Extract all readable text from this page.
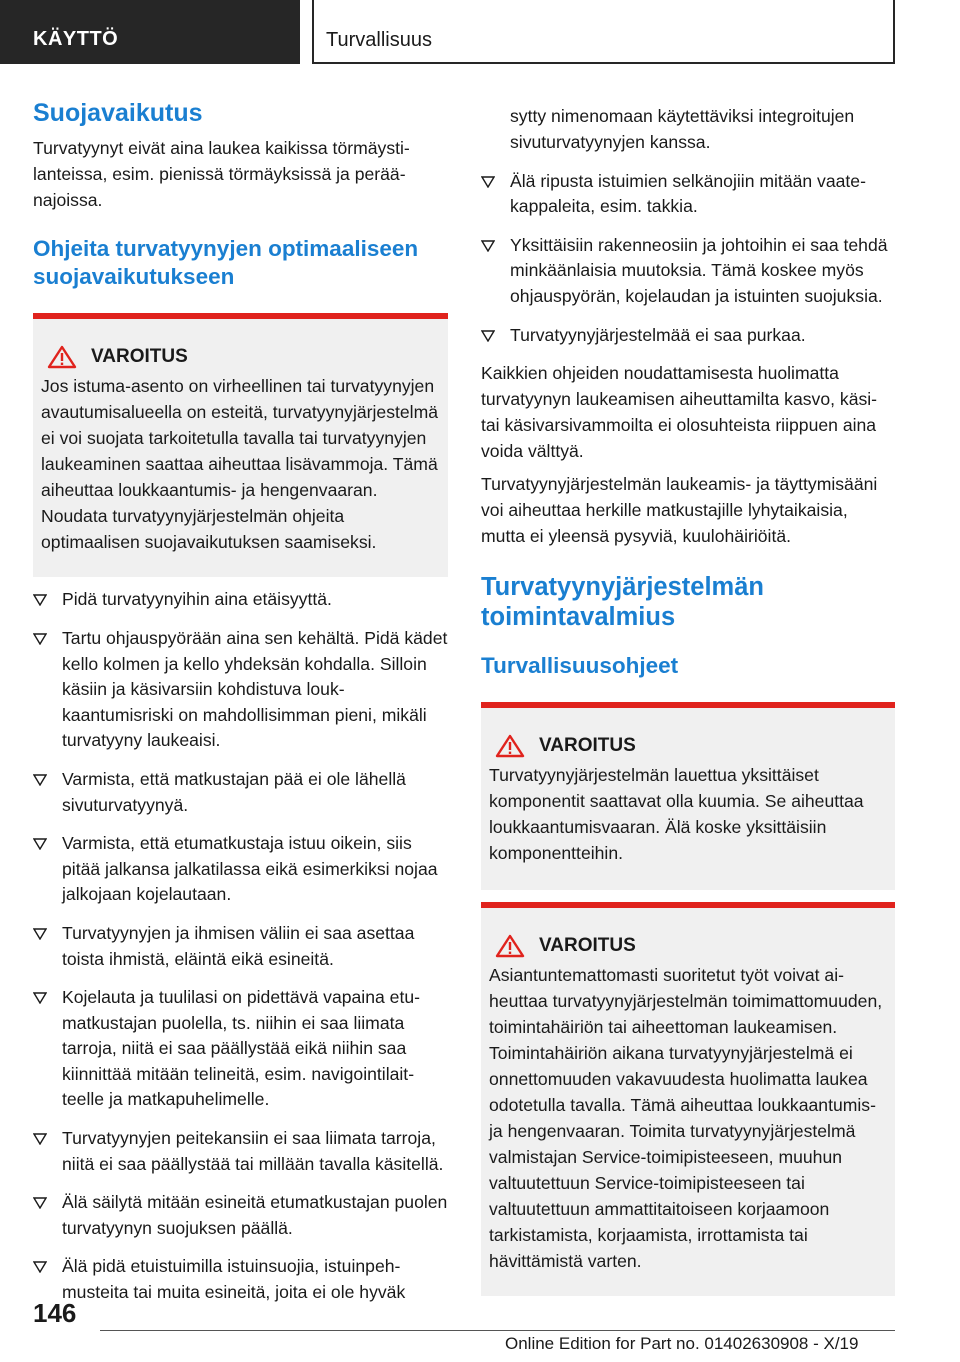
KÄYTTÖ	Turvallisuus
Suojavaikutus

Turvatyynyt eivät aina laukea kaikissa törmäystilanteissa, esim. pienissä törmäyksissä ja peräänajoissa.

Ohjeita turvatyynyjen optimaaliseen suojavaikutukseen
VAROITUS

Jos istuma-asento on virheellinen tai turvatyynyjen avautumisalueella on esteitä, turvatyynyjärjestelmä ei voi suojata tarkoitetulla tavalla tai turvatyynyjen laukeaminen saattaa aiheuttaa lisävammoja. Tämä aiheuttaa loukkaantumis- ja hengenvaaran. Noudata turvatyynyjärjestelmän ohjeita optimaalisen suojavaikutuksen saamiseksi.

Pidä turvatyynyihin aina etäisyyttä.
Tartu ohjauspyörään aina sen kehältä. Pidä kädet kello kolmen ja kello yhdeksän kohdalla. Silloin käsiin ja käsivarsiin kohdistuva loukkaantumisriski on mahdollisimman pieni, mikäli turvatyyny laukeaisi.
Varmista, että matkustajan pää ei ole lähellä sivuturvatyynyä.
Varmista, että etumatkustaja istuu oikein, siis pitää jalkansa jalkatilassa eikä esimerkiksi nojaa jalkojaan kojelautaan.
Turvatyynyjen ja ihmisen väliin ei saa asettaa toista ihmistä, eläintä eikä esineitä.
Kojelauta ja tuulilasi on pidettävä vapaina etumatkustajan puolella, ts. niihin ei saa liimata tarroja, niitä ei saa päällystää eikä niihin saa kiinnittää mitään telineitä, esim. navigointilaitteelle ja matkapuhelimelle.
Turvatyynyjen peitekansiin ei saa liimata tarroja, niitä ei saa päällystää tai millään tavalla käsitellä.
Älä säilytä mitään esineitä etumatkustajan puolen turvatyynyn suojuksen päällä.
Älä pidä etuistuimilla istuinsuojia, istuinpehmusteita tai muita esineitä, joita ei ole hyväk

sytty nimenomaan käytettäviksi integroitujen sivuturvatyynyjen kanssa.

Älä ripusta istuimien selkänojiin mitään vaatekappaleita, esim. takkia.
Yksittäisiin rakenneosiin ja johtoihin ei saa tehdä minkäänlaisia muutoksia. Tämä koskee myös ohjauspyörän, kojelaudan ja istuinten suojuksia.
Turvatyynyjärjestelmää ei saa purkaa.

Kaikkien ohjeiden noudattamisesta huolimatta turvatyynyn laukeamisen aiheuttamilta kasvo, käsi- tai käsivarsivammoilta ei olosuhteista riippuen aina voida välttyä.

Turvatyynyjärjestelmän laukeamis- ja täyttymisääni voi aiheuttaa herkille matkustajille lyhytaikaisia, mutta ei yleensä pysyviä, kuulohäiriöitä.

Turvatyynyjärjestelmän toimintavalmius
Turvallisuusohjeet
VAROITUS

Turvatyynyjärjestelmän lauettua yksittäiset komponentit saattavat olla kuumia. Se aiheuttaa loukkaantumisvaaran. Älä koske yksittäisiin komponentteihin.

VAROITUS

Asiantuntemattomasti suoritetut työt voivat aiheuttaa turvatyynyjärjestelmän toimimattomuuden, toimintahäiriön tai aiheettoman laukeamisen. Toimintahäiriön aikana turvatyynyjärjestelmä ei onnettomuuden vakavuudesta huolimatta laukea odotetulla tavalla. Tämä aiheuttaa loukkaantumis- ja hengenvaaran. Toimita turvatyynyjärjestelmä valmistajan Service-toimipisteeseen, muuhun valtuutettuun Service-toimipisteeseen tai valtuutettuun ammattitaitoiseen korjaamoon tarkistamista, korjaamista, irrottamista tai hävittämistä varten.

146
Online Edition for Part no. 01402630908 - X/19
